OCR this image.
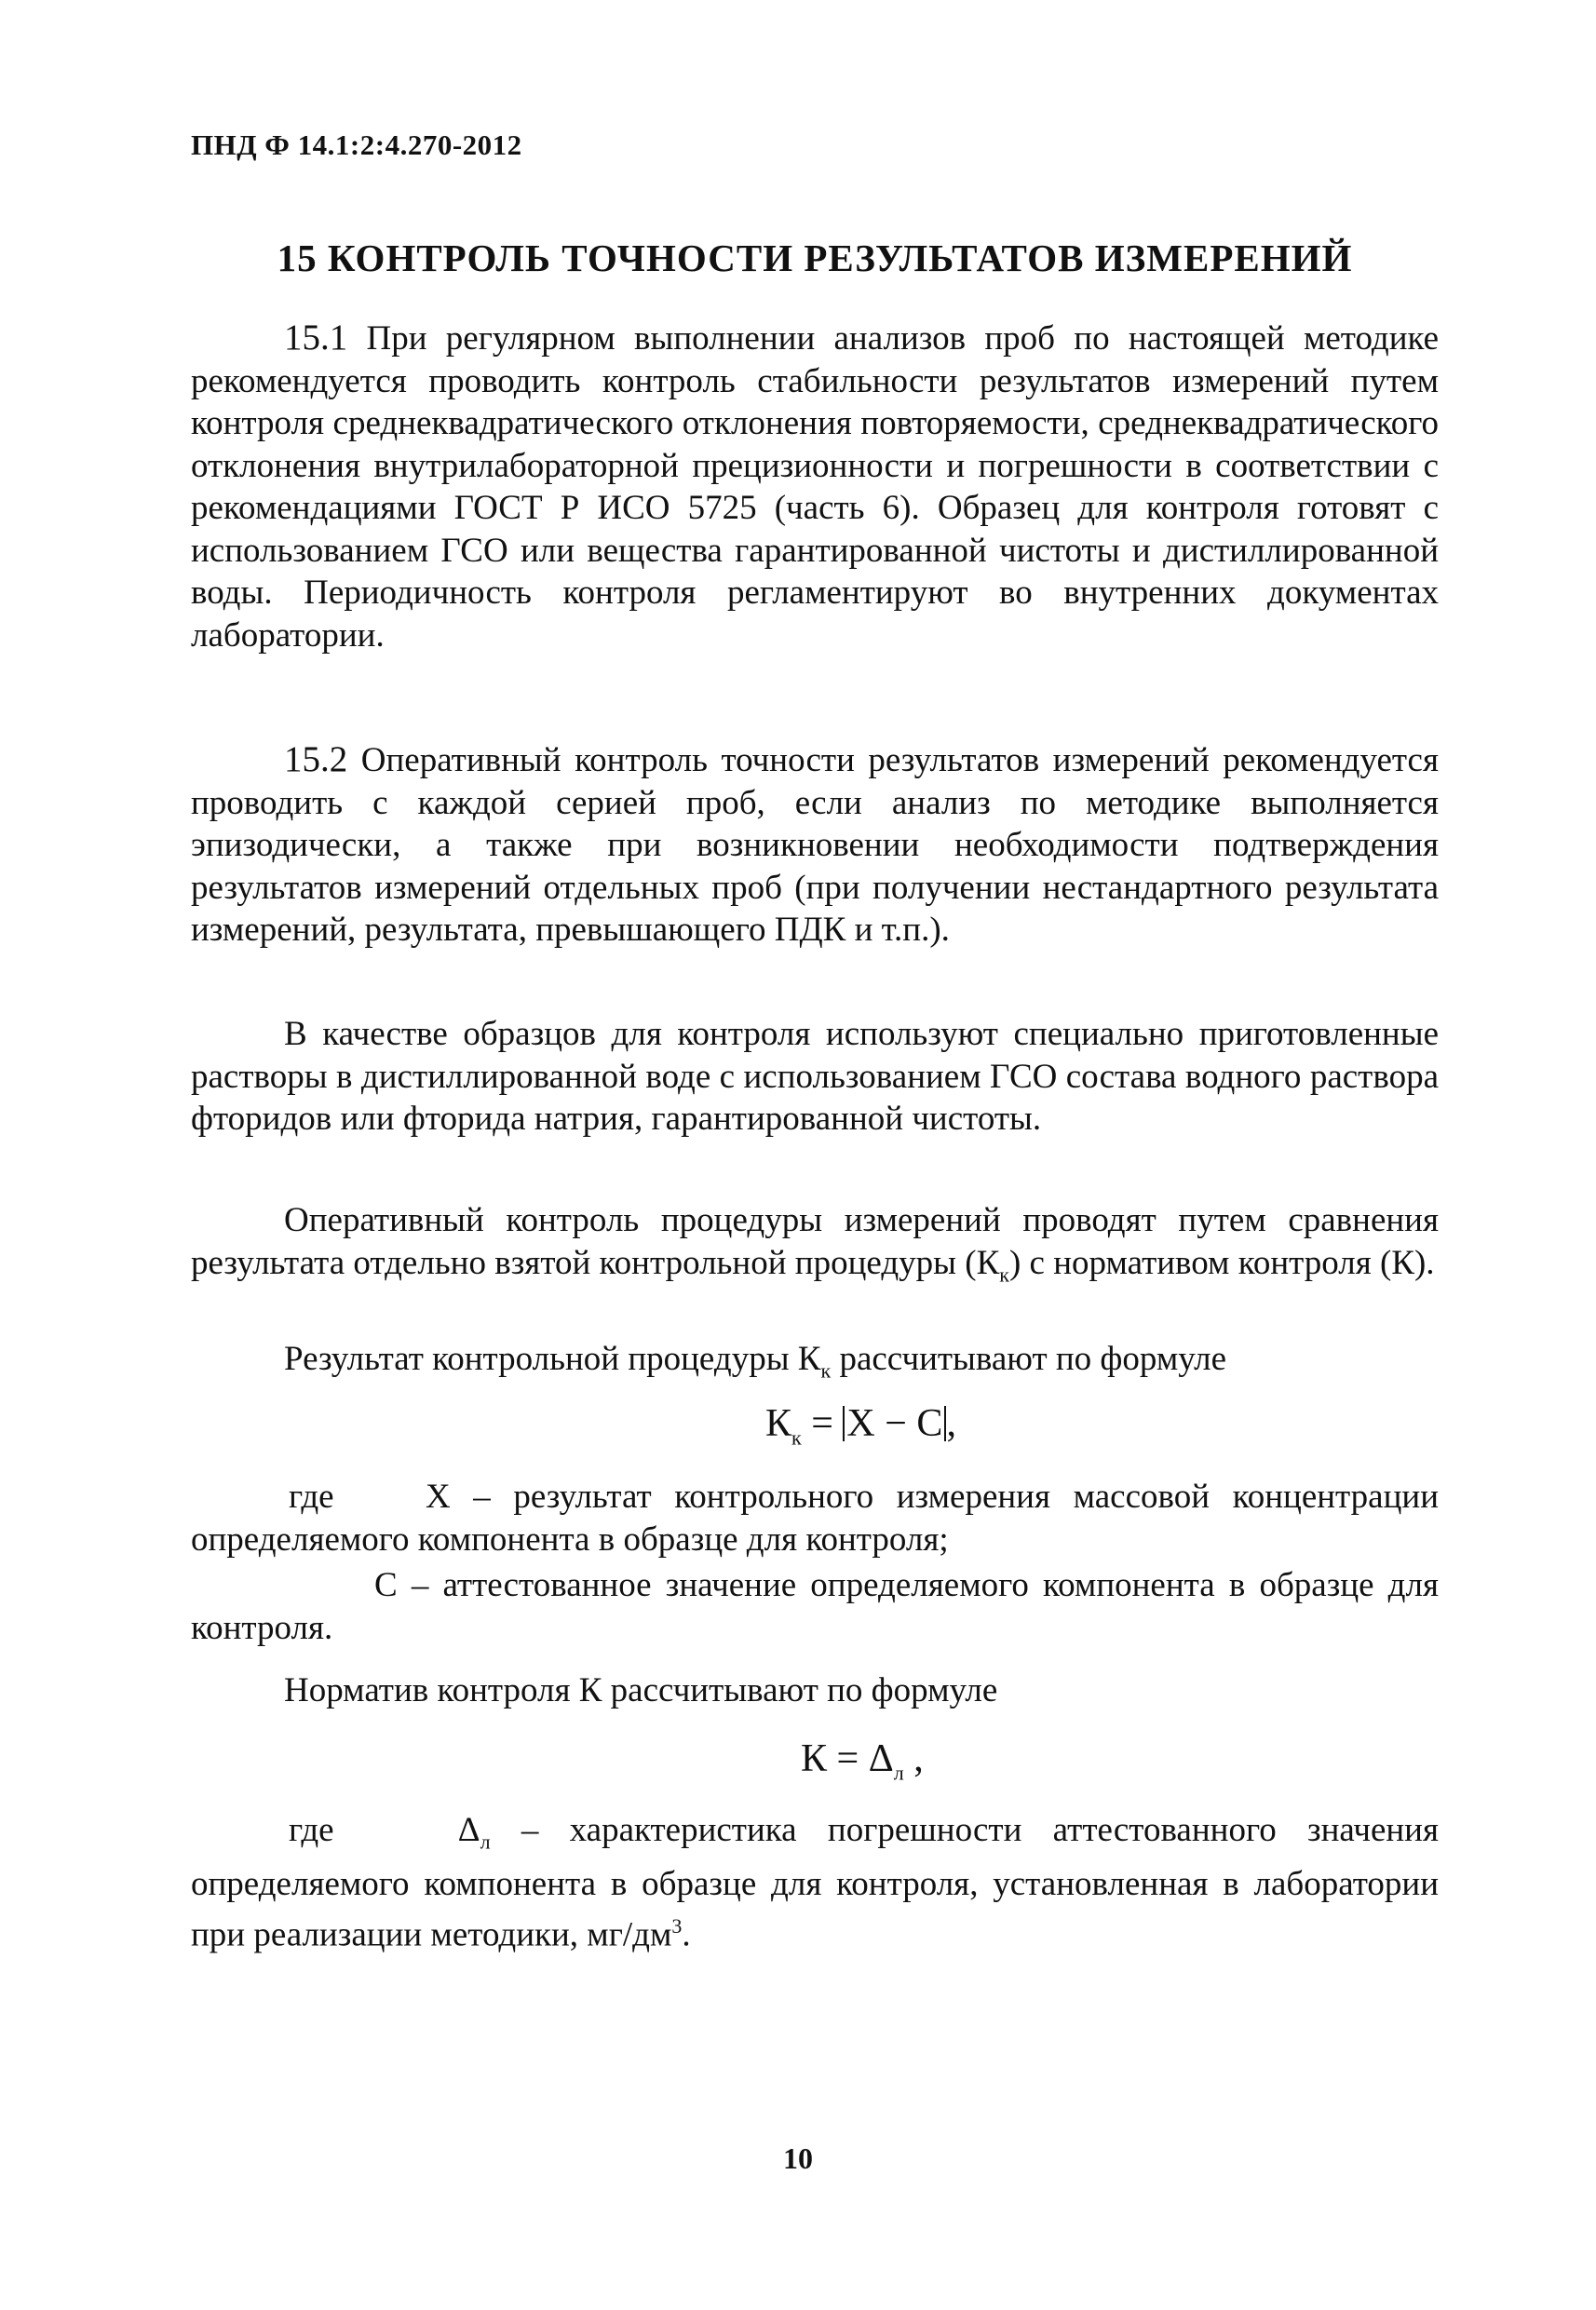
ПНД Ф 14.1:2:4.270-2012
15 КОНТРОЛЬ ТОЧНОСТИ РЕЗУЛЬТАТОВ ИЗМЕРЕНИЙ

15.1 При регулярном выполнении анализов проб по настоящей методике рекомендуется проводить контроль стабильности результатов измерений путем контроля среднеквадратического отклонения повторяемости, среднеквадратического отклонения внутрилабораторной прецизионности и погрешности в соответствии с рекомендациями ГОСТ Р ИСО 5725 (часть 6). Образец для контроля готовят с использованием ГСО или вещества гарантированной чистоты и дистиллированной воды. Периодичность контроля регламентируют во внутренних документах лаборатории.

15.2 Оперативный контроль точности результатов измерений рекомендуется проводить с каждой серией проб, если анализ по методике выполняется эпизодически, а также при возникновении необходимости подтверждения результатов измерений отдельных проб (при получении нестандартного результата измерений, результата, превышающего ПДК и т.п.).

В качестве образцов для контроля используют специально приготовленные растворы в дистиллированной воде с использованием ГСО состава водного раствора фторидов или фторида натрия, гарантированной чистоты.

Оперативный контроль процедуры измерений проводят путем сравнения результата отдельно взятой контрольной процедуры $(К_к)$ с нормативом контроля (К).

Результат контрольной процедуры $К_к$ рассчитывают по формуле

$К_к = X - C$,

где	X – результат контрольного измерения массовой концентрации определяемого компонента в образце для контроля;

С – аттестованное значение определяемого компонента в образце для контроля.

Норматив контроля К рассчитывают по формуле

$К = \Delta_л$ ,

где	$\Delta_л$ – характеристика погрешности аттестованного значения определяемого компонента в образце для контроля, установленная в лаборатории при реализации методики, $мг/дм^3$.

10
